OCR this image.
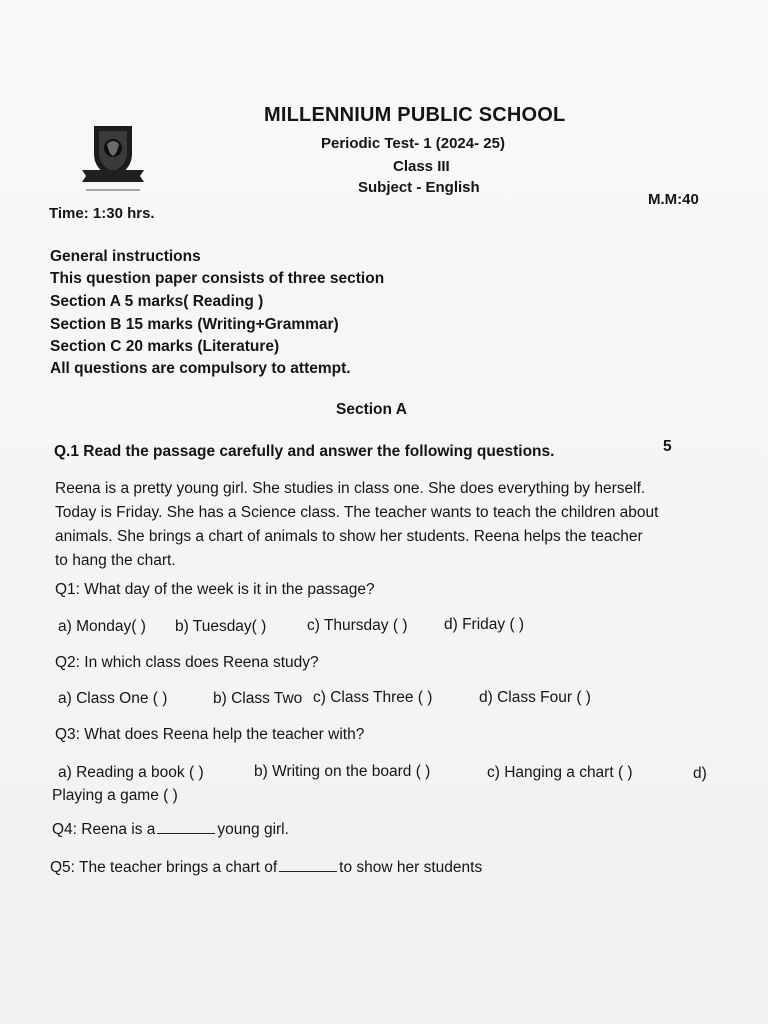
MILLENNIUM PUBLIC SCHOOL
Periodic Test- 1 (2024- 25)
Class III
Subject - English
M.M:40
Time: 1:30 hrs.
General instructions
This question paper consists of three section
Section A 5 marks( Reading )
Section B 15 marks (Writing+Grammar)
Section C 20 marks (Literature)
All questions are compulsory to attempt.
Section A
Q.1 Read the passage carefully and answer the following questions.	5
Reena is a pretty young girl. She studies in class one. She does everything by herself.
Today is Friday. She has a Science class. The teacher wants to teach the children about
animals. She brings a chart of animals to show her students. Reena helps the teacher
to hang the chart.
Q1: What day of the week is it in the passage?
a) Monday( ) b) Tuesday( )	c) Thursday ( ) d) Friday ( )
Q2: In which class does Reena study?
a) Class One ( )	b) Class Two c) Class Three ( )	d) Class Four ( )
Q3: What does Reena help the teacher with?
a) Reading a book ( )	b) Writing on the board ( )	c) Hanging a chart ( )	d)
Playing a game ( )
Q4: Reena is a	young girl.
Q5: The teacher brings a chart of	to show her students
